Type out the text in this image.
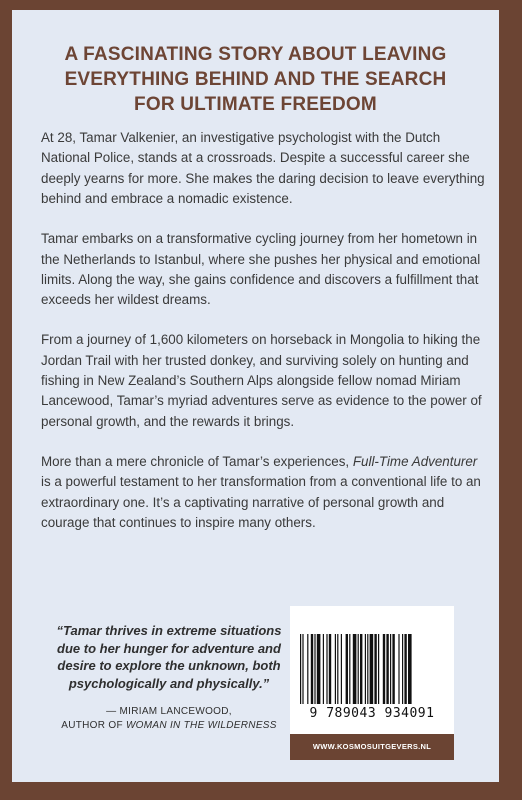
A FASCINATING STORY ABOUT LEAVING
EVERYTHING BEHIND AND THE SEARCH
FOR ULTIMATE FREEDOM

At 28, Tamar Valkenier, an investigative psychologist with the Dutch National Police, stands at a crossroads. Despite a successful career she deeply yearns for more. She makes the daring decision to leave everything behind and embrace a nomadic existence.

Tamar embarks on a transformative cycling journey from her hometown in the Netherlands to Istanbul, where she pushes her physical and emotional limits. Along the way, she gains confidence and discovers a fulfillment that exceeds her wildest dreams.

From a journey of 1,600 kilometers on horseback in Mongolia to hiking the Jordan Trail with her trusted donkey, and surviving solely on hunting and fishing in New Zealand’s Southern Alps alongside fellow nomad Miriam Lancewood, Tamar’s myriad adventures serve as evidence to the power of personal growth, and the rewards it brings.

More than a mere chronicle of Tamar’s experiences, Full-Time Adventurer is a powerful testament to her transformation from a conventional life to an extraordinary one. It’s a captivating narrative of personal growth and courage that continues to inspire many others.

“Tamar thrives in extreme situations due to her hunger for adventure and desire to explore the unknown, both psychologically and physically.”
— MIRIAM LANCEWOOD,
AUTHOR OF WOMAN IN THE WILDERNESS
9 789043 934091
WWW.KOSMOSUITGEVERS.NL
